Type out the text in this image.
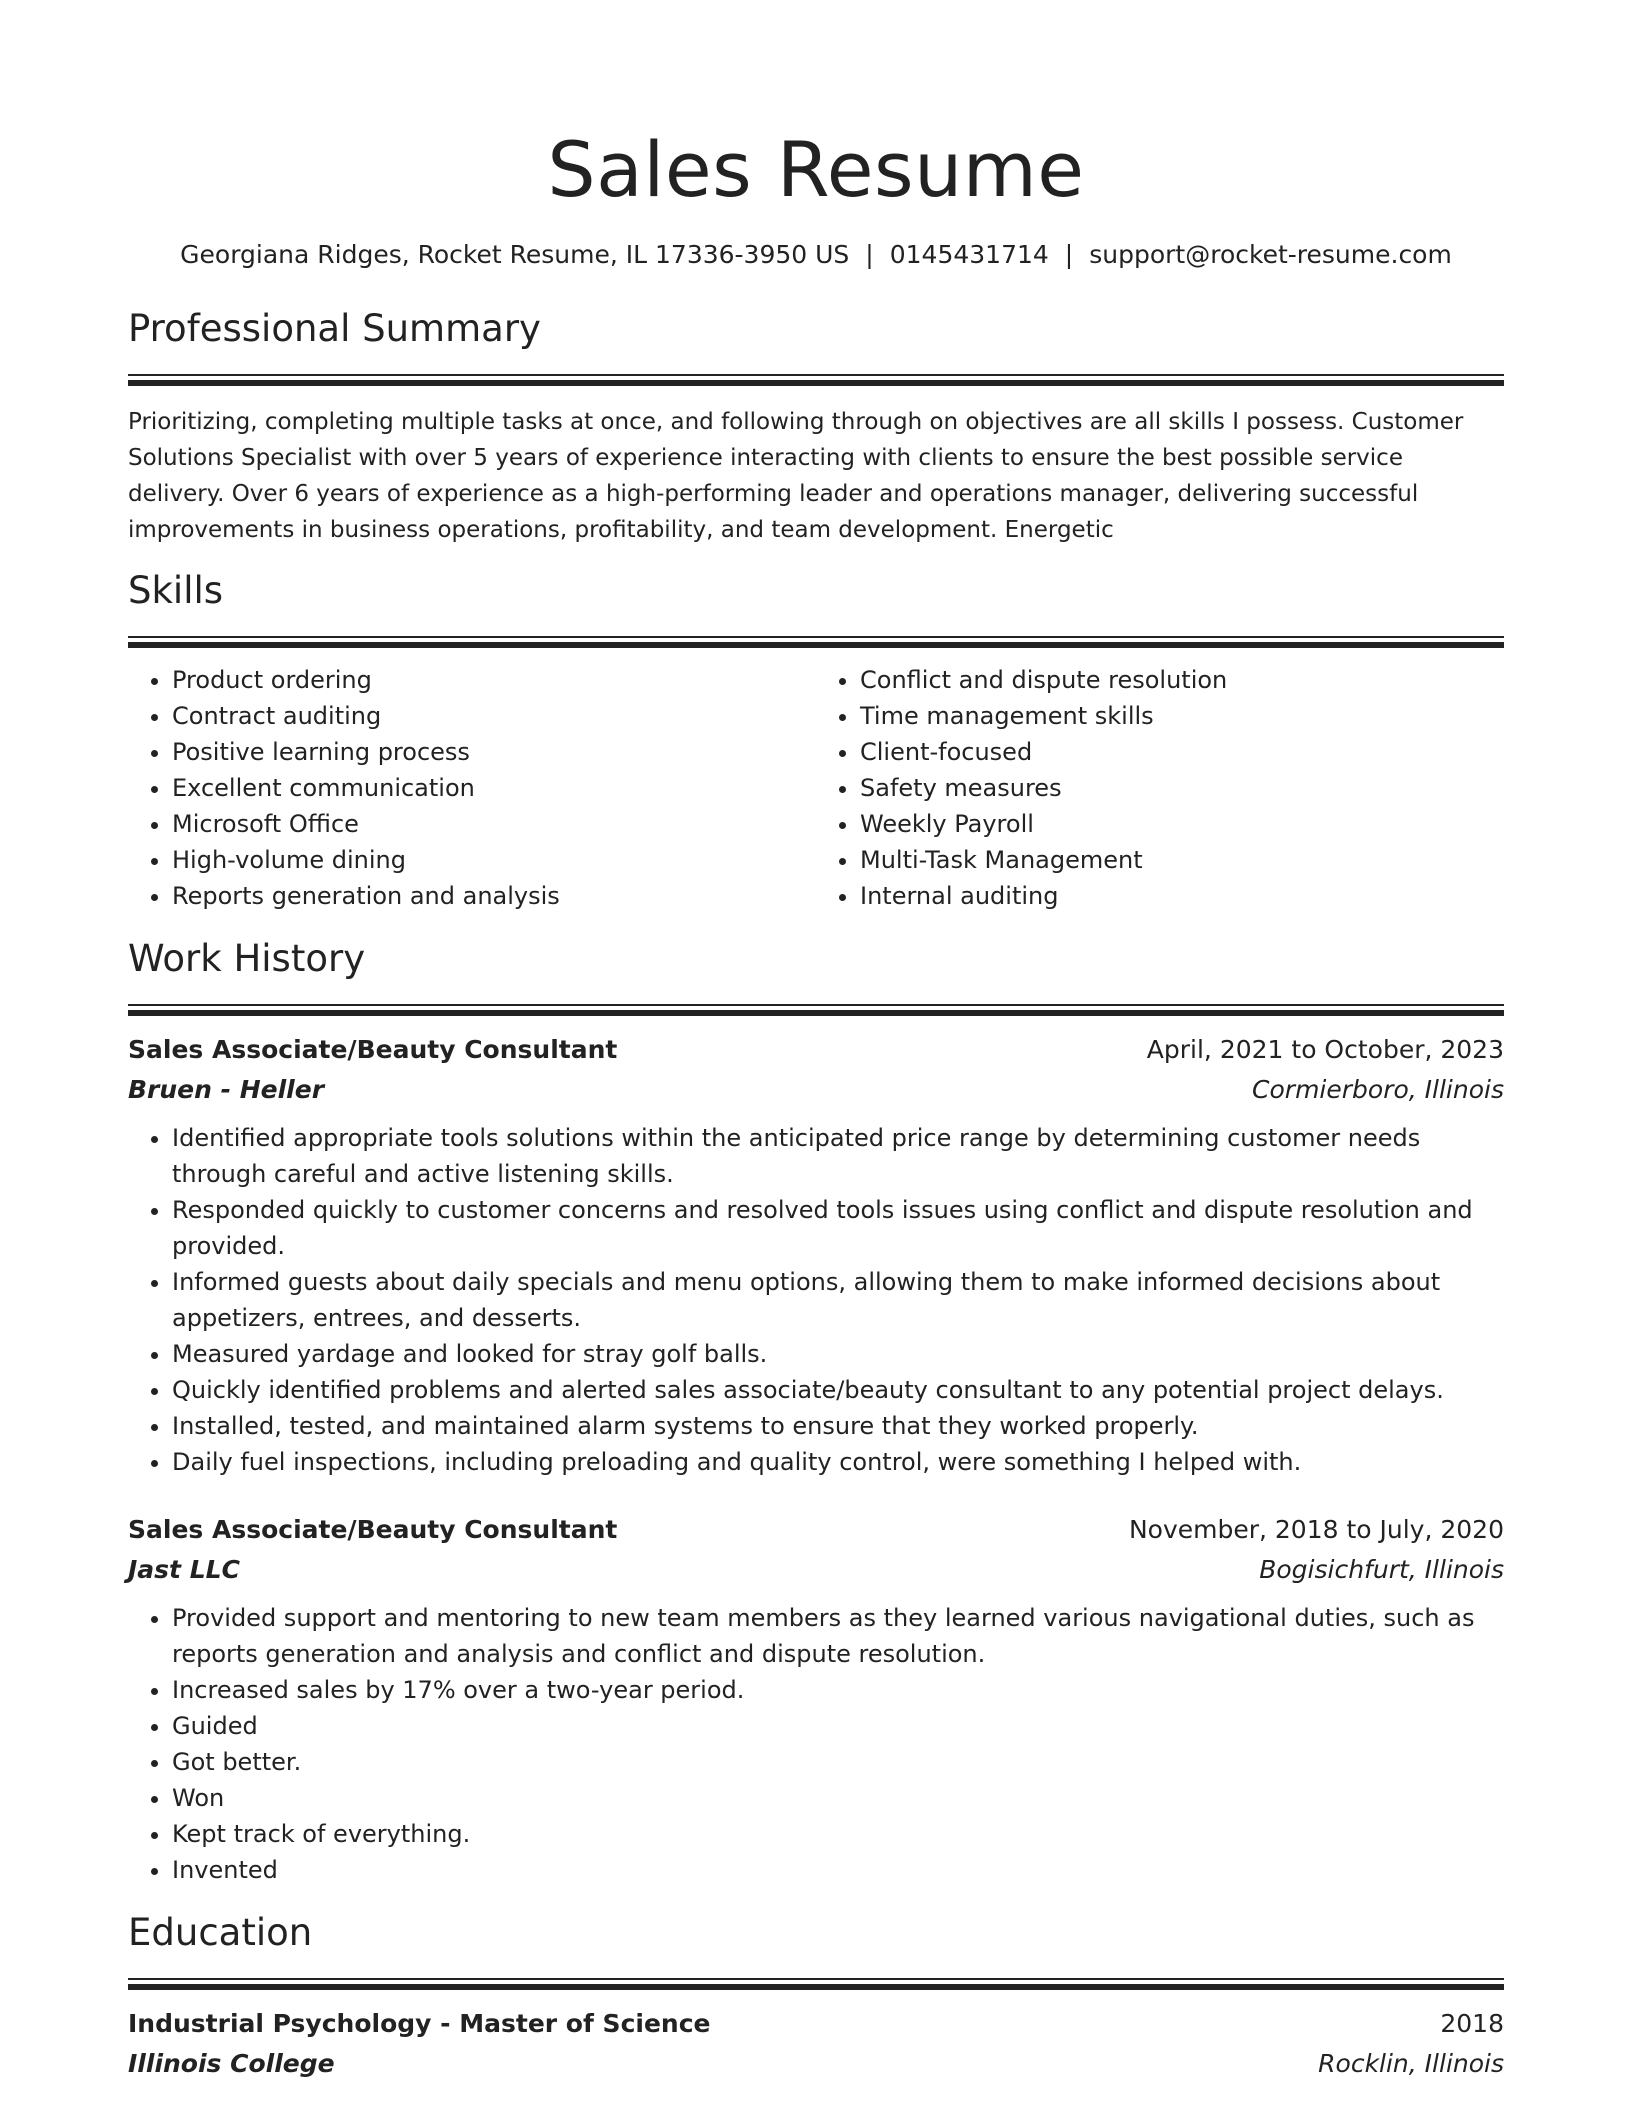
Sales Resume
Georgiana Ridges, Rocket Resume, IL 17336-3950 US | 0145431714 | support@rocket-resume.com
Professional Summary
Prioritizing, completing multiple tasks at once, and following through on objectives are all skills I possess. Customer Solutions Specialist with over 5 years of experience interacting with clients to ensure the best possible service delivery. Over 6 years of experience as a high-performing leader and operations manager, delivering successful improvements in business operations, profitability, and team development. Energetic
Skills
• Product ordering
• Contract auditing
• Positive learning process
• Excellent communication
• Microsoft Office
• High-volume dining
• Reports generation and analysis
• Conflict and dispute resolution
• Time management skills
• Client-focused
• Safety measures
• Weekly Payroll
• Multi-Task Management
• Internal auditing
Work History
Sales Associate/Beauty Consultant	April, 2021 to October, 2023
Bruen - Heller	Cormierboro, Illinois
• Identified appropriate tools solutions within the anticipated price range by determining customer needs through careful and active listening skills.
• Responded quickly to customer concerns and resolved tools issues using conflict and dispute resolution and provided.
• Informed guests about daily specials and menu options, allowing them to make informed decisions about appetizers, entrees, and desserts.
• Measured yardage and looked for stray golf balls.
• Quickly identified problems and alerted sales associate/beauty consultant to any potential project delays.
• Installed, tested, and maintained alarm systems to ensure that they worked properly.
• Daily fuel inspections, including preloading and quality control, were something I helped with.
Sales Associate/Beauty Consultant	November, 2018 to July, 2020
Jast LLC	Bogisichfurt, Illinois
• Provided support and mentoring to new team members as they learned various navigational duties, such as reports generation and analysis and conflict and dispute resolution.
• Increased sales by 17% over a two-year period.
• Guided
• Got better.
• Won
• Kept track of everything.
• Invented
Education
Industrial Psychology - Master of Science	2018
Illinois College	Rocklin, Illinois
